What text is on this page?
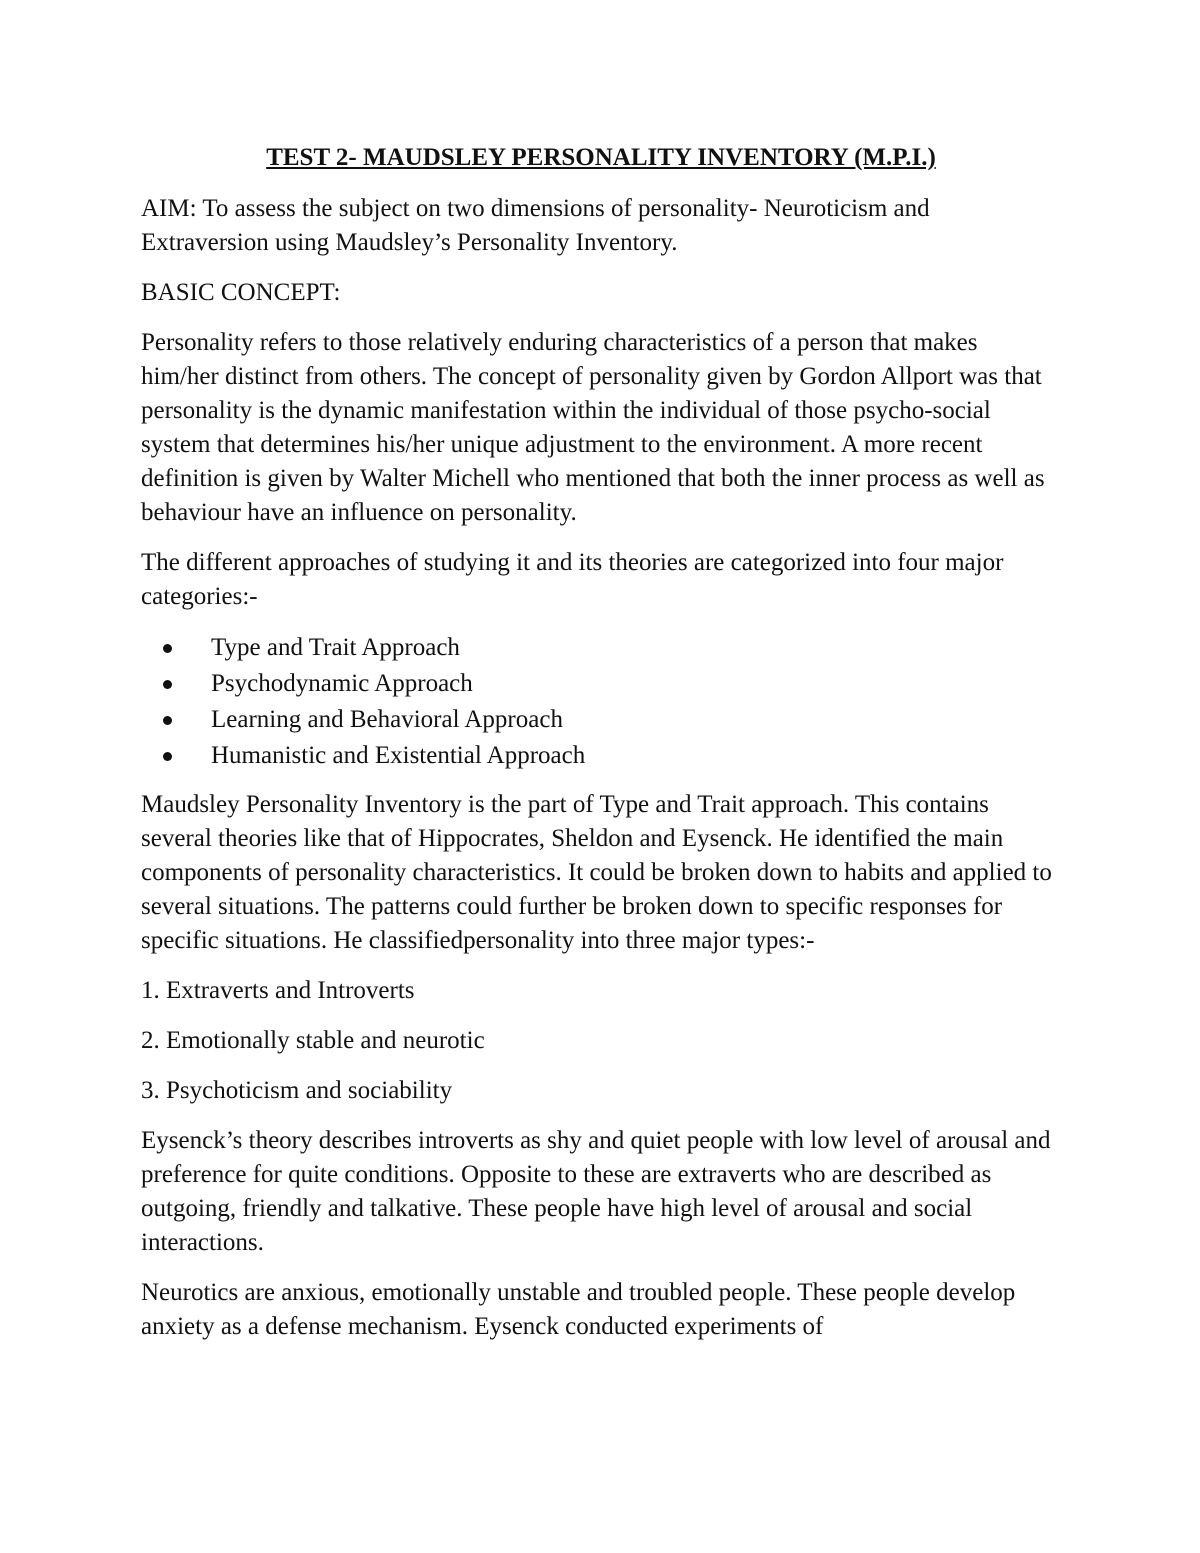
TEST 2- MAUDSLEY PERSONALITY INVENTORY (M.P.I.)

AIM: To assess the subject on two dimensions of personality- Neuroticism and Extraversion using Maudsley’s Personality Inventory.

BASIC CONCEPT:

Personality refers to those relatively enduring characteristics of a person that makes him/her distinct from others. The concept of personality given by Gordon Allport was that personality is the dynamic manifestation within the individual of those psycho-social system that determines his/her unique adjustment to the environment. A more recent definition is given by Walter Michell who mentioned that both the inner process as well as behaviour have an influence on personality.

The different approaches of studying it and its theories are categorized into four major categories:-

Type and Trait Approach
Psychodynamic Approach
Learning and Behavioral Approach
Humanistic and Existential Approach

Maudsley Personality Inventory is the part of Type and Trait approach. This contains several theories like that of Hippocrates, Sheldon and Eysenck. He identified the main components of personality characteristics. It could be broken down to habits and applied to several situations. The patterns could further be broken down to specific responses for specific situations. He classifiedpersonality into three major types:-

1. Extraverts and Introverts

2. Emotionally stable and neurotic

3. Psychoticism and sociability

Eysenck’s theory describes introverts as shy and quiet people with low level of arousal and preference for quite conditions. Opposite to these are extraverts who are described as outgoing, friendly and talkative. These people have high level of arousal and social interactions.

Neurotics are anxious, emotionally unstable and troubled people. These people develop anxiety as a defense mechanism. Eysenck conducted experiments of
